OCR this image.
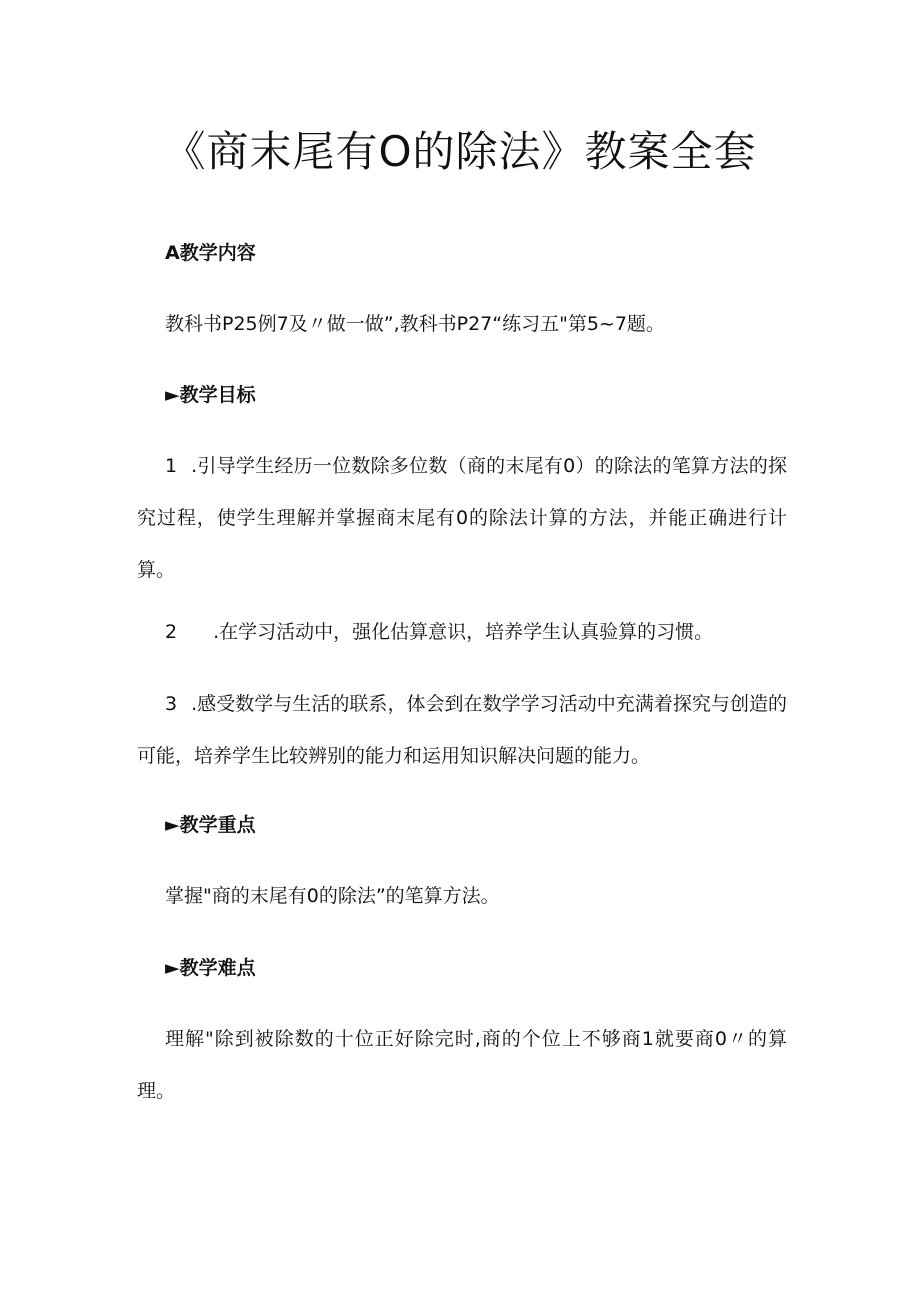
《商末尾有O的除法》教案全套
A教学内容

教科书P25例7及〃做一做”,教科书P27“练习五"第5~7题。

►教学目标

1 .引导学生经历一位数除多位数（商的末尾有0）的除法的笔算方法的探究过程，使学生理解并掌握商末尾有0的除法计算的方法，并能正确进行计算。

2 .在学习活动中，强化估算意识，培养学生认真验算的习惯。

3 .感受数学与生活的联系，体会到在数学学习活动中充满着探究与创造的可能，培养学生比较辨别的能力和运用知识解决问题的能力。

►教学重点

掌握"商的末尾有0的除法”的笔算方法。

►教学难点

理解"除到被除数的十位正好除完时,商的个位上不够商1就要商0〃的算理。
